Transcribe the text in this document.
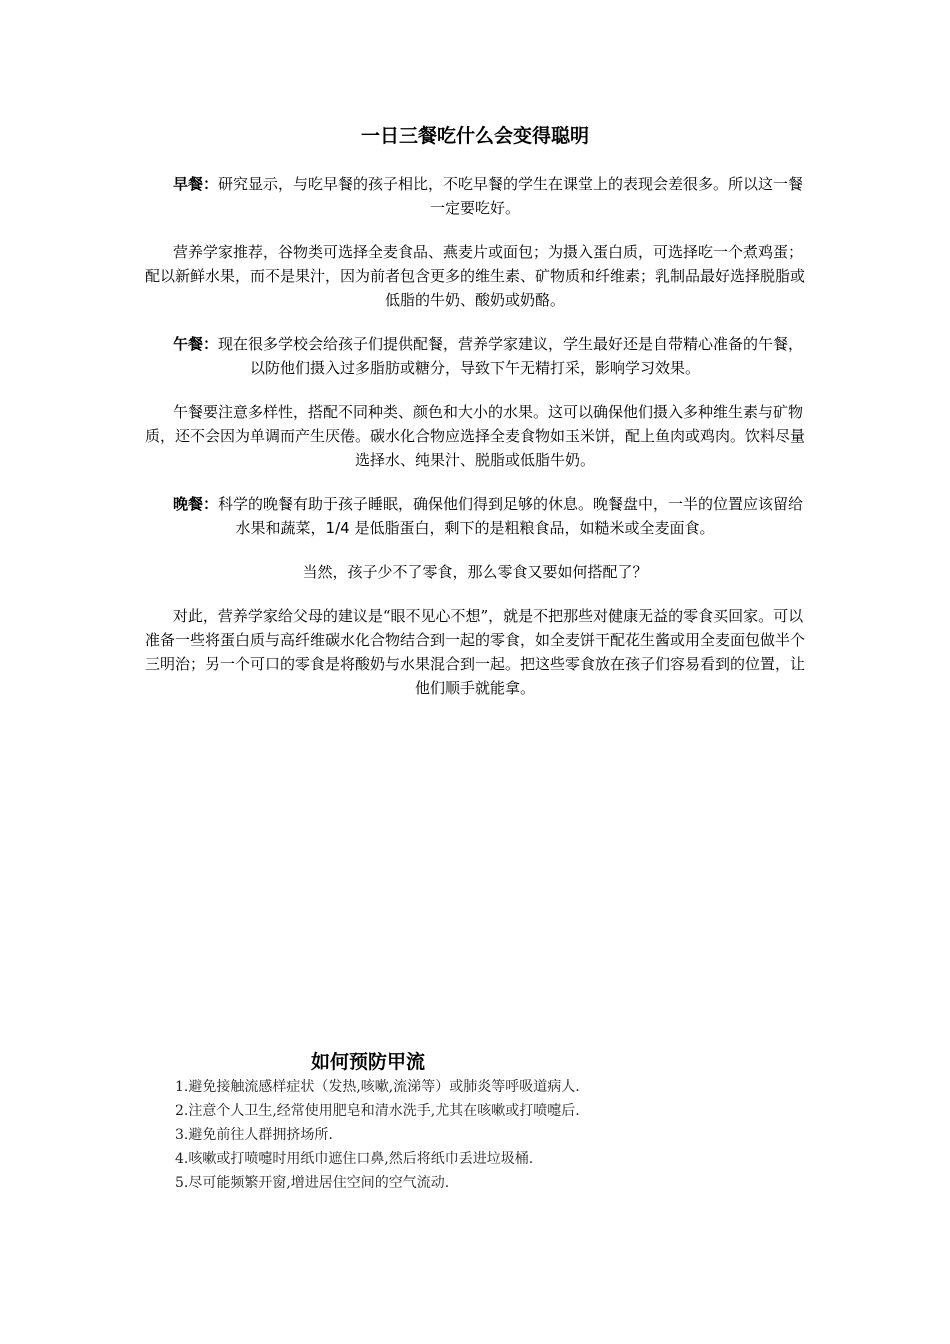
一日三餐吃什么会变得聪明

早餐：研究显示，与吃早餐的孩子相比，不吃早餐的学生在课堂上的表现会差很多。所以这一餐一定要吃好。

营养学家推荐，谷物类可选择全麦食品、燕麦片或面包；为摄入蛋白质，可选择吃一个煮鸡蛋；配以新鲜水果，而不是果汁，因为前者包含更多的维生素、矿物质和纤维素；乳制品最好选择脱脂或低脂的牛奶、酸奶或奶酪。

午餐：现在很多学校会给孩子们提供配餐，营养学家建议，学生最好还是自带精心准备的午餐，以防他们摄入过多脂肪或糖分，导致下午无精打采，影响学习效果。

午餐要注意多样性，搭配不同种类、颜色和大小的水果。这可以确保他们摄入多种维生素与矿物质，还不会因为单调而产生厌倦。碳水化合物应选择全麦食物如玉米饼，配上鱼肉或鸡肉。饮料尽量选择水、纯果汁、脱脂或低脂牛奶。

晚餐：科学的晚餐有助于孩子睡眠，确保他们得到足够的休息。晚餐盘中，一半的位置应该留给水果和蔬菜，1/4 是低脂蛋白，剩下的是粗粮食品，如糙米或全麦面食。

当然，孩子少不了零食，那么零食又要如何搭配了？

对此，营养学家给父母的建议是“眼不见心不想”，就是不把那些对健康无益的零食买回家。可以准备一些将蛋白质与高纤维碳水化合物结合到一起的零食，如全麦饼干配花生酱或用全麦面包做半个三明治；另一个可口的零食是将酸奶与水果混合到一起。把这些零食放在孩子们容易看到的位置，让他们顺手就能拿。

如何预防甲流
1.避免接触流感样症状（发热,咳嗽,流涕等）或肺炎等呼吸道病人.
2.注意个人卫生,经常使用肥皂和清水洗手,尤其在咳嗽或打喷嚏后.
3.避免前往人群拥挤场所.
4.咳嗽或打喷嚏时用纸巾遮住口鼻,然后将纸巾丢进垃圾桶.
5.尽可能频繁开窗,增进居住空间的空气流动.
